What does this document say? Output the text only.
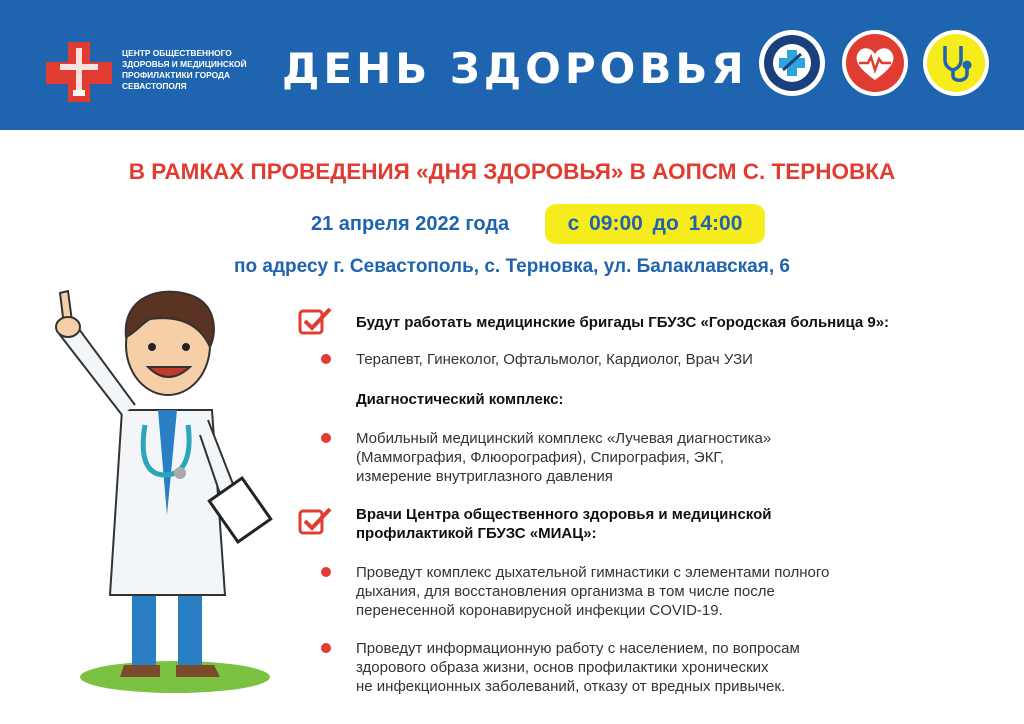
ЦЕНТР ОБЩЕСТВЕННОГО ЗДОРОВЬЯ И МЕДИЦИНСКОЙ ПРОФИЛАКТИКИ ГОРОДА СЕВАСТОПОЛЯ	ДЕНЬ ЗДОРОВЬЯ
В РАМКАХ ПРОВЕДЕНИЯ «ДНЯ ЗДОРОВЬЯ» В АОПСМ С. ТЕРНОВКА
21 апреля 2022 года	с 09:00 до 14:00
по адресу г. Севастополь, с. Терновка, ул. Балаклавская, 6
Будут работать медицинские бригады ГБУЗС «Городская больница 9»:
Терапевт, Гинеколог, Офтальмолог, Кардиолог, Врач УЗИ
Диагностический комплекс:
Мобильный медицинский комплекс «Лучевая диагностика»
(Маммография, Флюорография), Спирография, ЭКГ,
измерение внутриглазного давления
Врачи Центра общественного здоровья и медицинской
профилактикой ГБУЗС «МИАЦ»:
Проведут комплекс дыхательной гимнастики с элементами полного
дыхания, для восстановления организма в том числе после
перенесенной коронавирусной инфекции COVID-19.
Проведут информационную работу с населением, по вопросам
здорового образа жизни, основ профилактики хронических
не инфекционных заболеваний, отказу от вредных привычек.
